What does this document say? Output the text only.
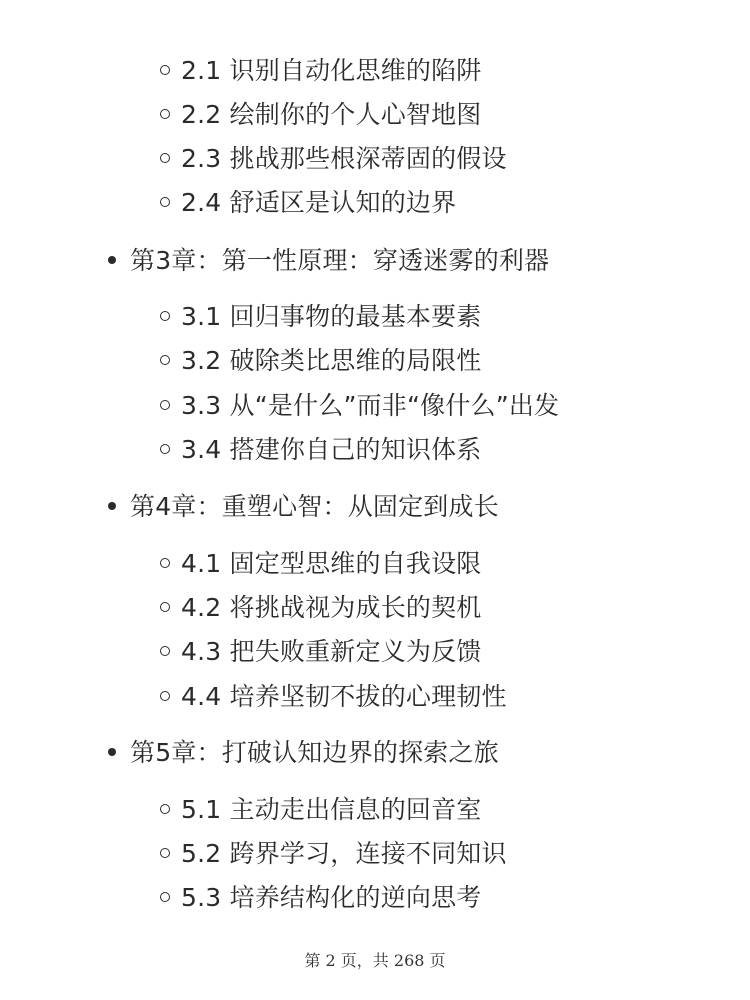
2.1 识别自动化思维的陷阱
2.2 绘制你的个人心智地图
2.3 挑战那些根深蒂固的假设
2.4 舒适区是认知的边界
第3章：第一性原理：穿透迷雾的利器
3.1 回归事物的最基本要素
3.2 破除类比思维的局限性
3.3 从“是什么”而非“像什么”出发
3.4 搭建你自己的知识体系
第4章：重塑心智：从固定到成长
4.1 固定型思维的自我设限
4.2 将挑战视为成长的契机
4.3 把失败重新定义为反馈
4.4 培养坚韧不拔的心理韧性
第5章：打破认知边界的探索之旅
5.1 主动走出信息的回音室
5.2 跨界学习，连接不同知识
5.3 培养结构化的逆向思考
第 2 页，共 268 页
